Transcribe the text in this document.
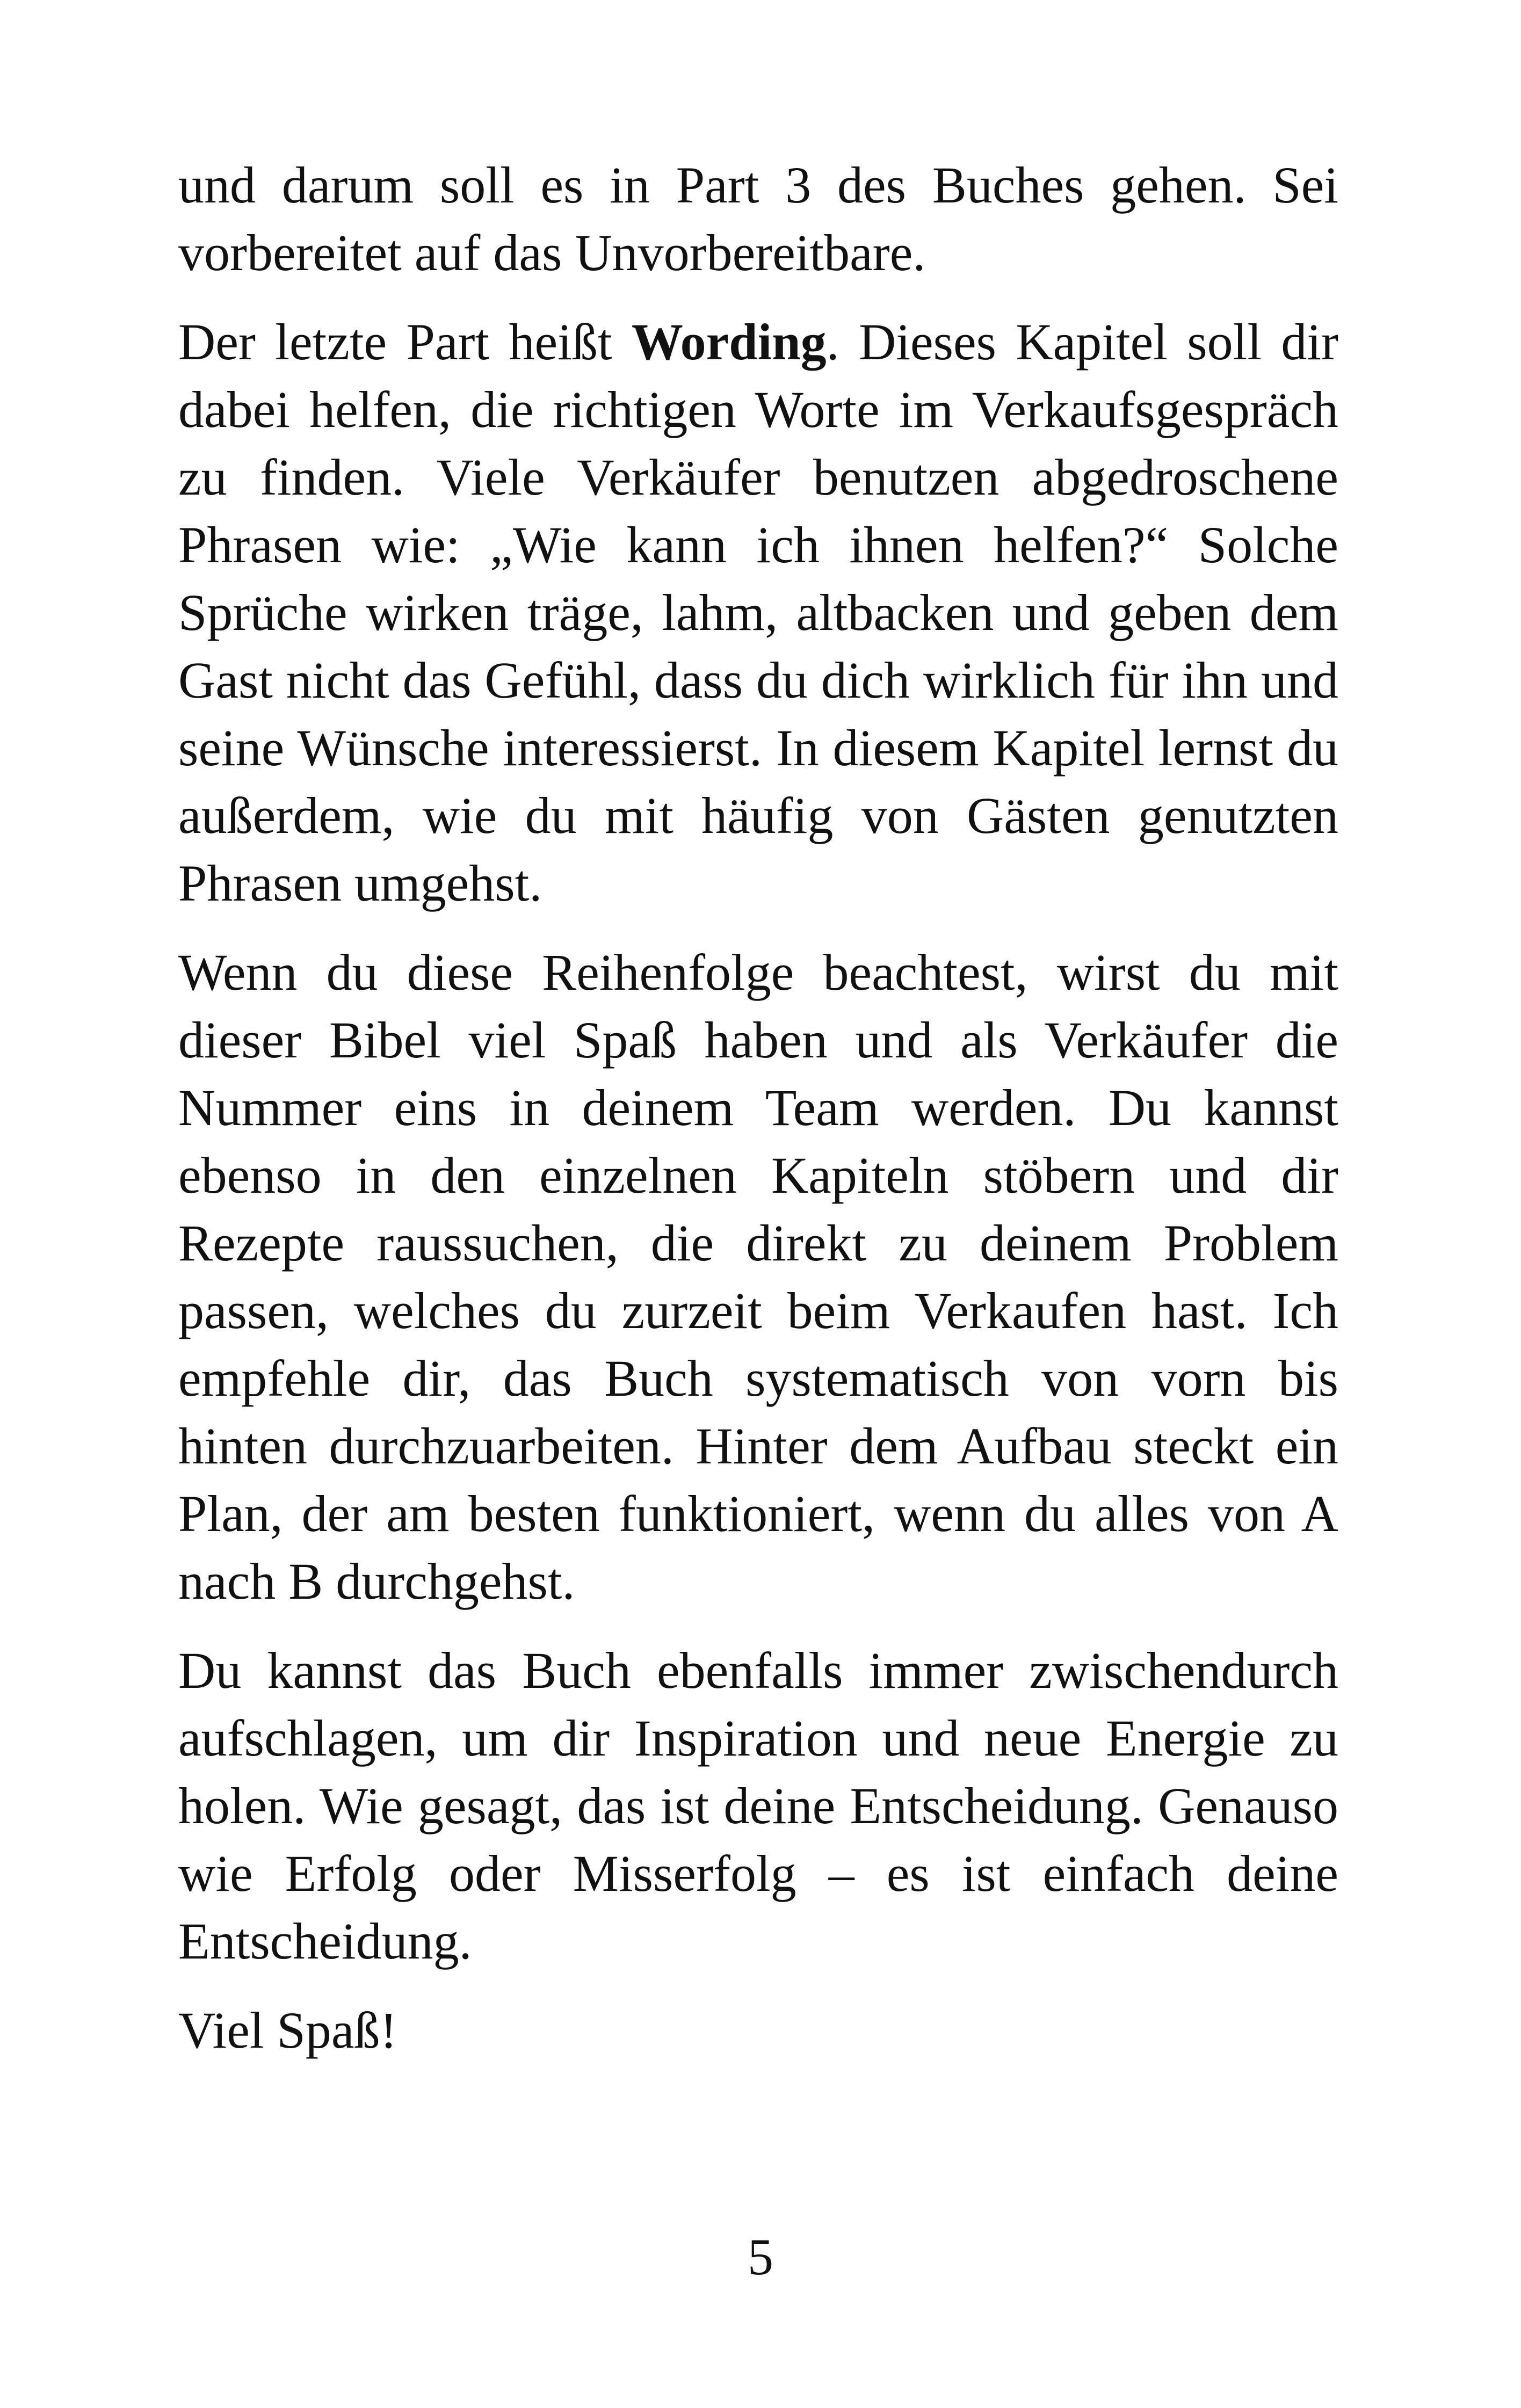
und darum soll es in Part 3 des Buches gehen. Sei vorbereitet auf das Unvorbereitbare.

Der letzte Part heißt Wording. Dieses Kapitel soll dir dabei helfen, die richtigen Worte im Verkaufsgespräch zu finden. Viele Verkäufer benutzen abgedroschene Phrasen wie: „Wie kann ich ihnen helfen?“ Solche Sprüche wirken träge, lahm, altbacken und geben dem Gast nicht das Gefühl, dass du dich wirklich für ihn und seine Wünsche interessierst. In diesem Kapitel lernst du außerdem, wie du mit häufig von Gästen genutzten Phrasen umgehst.

Wenn du diese Reihenfolge beachtest, wirst du mit dieser Bibel viel Spaß haben und als Verkäufer die Nummer eins in deinem Team werden. Du kannst ebenso in den einzelnen Kapiteln stöbern und dir Rezepte raussuchen, die direkt zu deinem Problem passen, welches du zurzeit beim Verkaufen hast. Ich empfehle dir, das Buch systematisch von vorn bis hinten durchzuarbeiten. Hinter dem Aufbau steckt ein Plan, der am besten funktioniert, wenn du alles von A nach B durchgehst.

Du kannst das Buch ebenfalls immer zwischendurch aufschlagen, um dir Inspiration und neue Energie zu holen. Wie gesagt, das ist deine Entscheidung. Genauso wie Erfolg oder Misserfolg – es ist einfach deine Entscheidung.

Viel Spaß!

5
